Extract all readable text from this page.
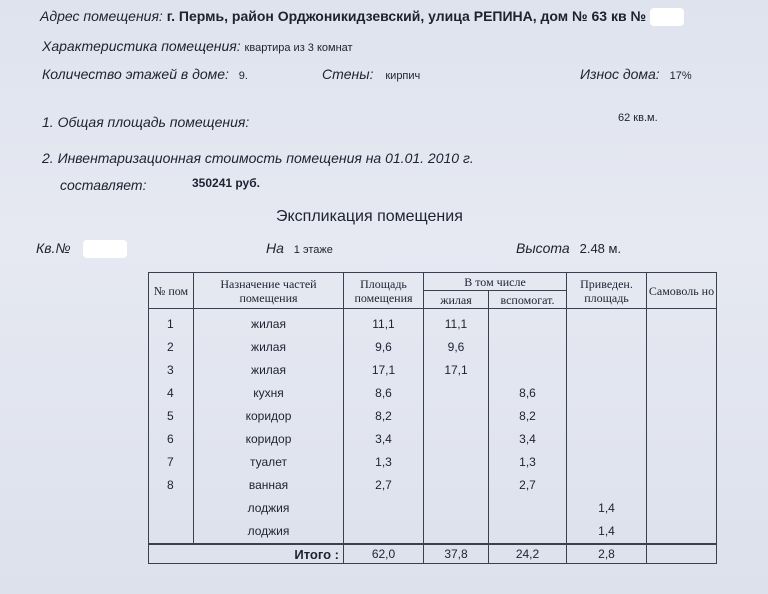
Адрес помещения: г. Пермь, район Орджоникидзевский, улица РЕПИНА, дом № 63 кв №
Характеристика помещения: квартира из 3 комнат
Количество этажей в доме: 9.	Стены: кирпич	Износ дома: 17%
1. Общая площадь помещения:	62 кв.м.
2. Инвентаризационная стоимость помещения на 01.01. 2010 г.
составляет:	350241 руб.
Экспликация помещения
Кв.№	На 1 этаже	Высота 2.48 м.
№ пом	Назначение частей помещения	Площадь помещения	В том числе		Приведен. площадь	Самоволь но
			жилая	вспомогат.		
1	жилая	11,1	11,1			
2	жилая	9,6	9,6			
3	жилая	17,1	17,1			
4	кухня	8,6		8,6		
5	коридор	8,2		8,2		
6	коридор	3,4		3,4		
7	туалет	1,3		1,3		
8	ванная	2,7		2,7		
	лоджия				1,4	
	лоджия				1,4	
Итого :		62,0	37,8	24,2	2,8	
